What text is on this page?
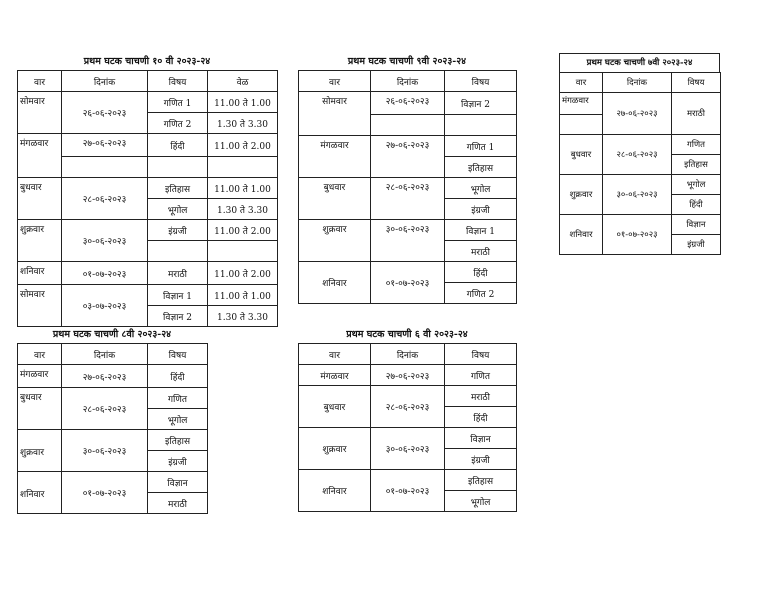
प्रथम घटक चाचणी १० वी २०२३-२४
वार	दिनांक	विषय	वेळ
सोमवार	२६-०६-२०२३	गणित 1	11.00 ते 1.00
		गणित 2	1.30 ते 3.30
मंगळवार	२७-०६-२०२३	हिंदी	11.00 ते 2.00

बुधवार	२८-०६-२०२३	इतिहास	11.00 ते 1.00
		भूगोल	1.30 ते 3.30
शुक्रवार	३०-०६-२०२३	इंग्रजी	11.00 ते 2.00

शनिवार	०१-०७-२०२३	मराठी	11.00 ते 2.00
सोमवार	०३-०७-२०२३	विज्ञान 1	11.00 ते 1.00
		विज्ञान 2	1.30 ते 3.30
प्रथम घटक चाचणी ९वी २०२३-२४
वार	दिनांक	विषय
सोमवार	२६-०६-२०२३	विज्ञान 2

मंगळवार	२७-०६-२०२३	गणित 1
		इतिहास
बुधवार	२८-०६-२०२३	भूगोल
		इंग्रजी
शुक्रवार	३०-०६-२०२३	विज्ञान 1
		मराठी
शनिवार	०१-०७-२०२३	हिंदी
		गणित 2
प्रथम घटक चाचणी ७वी २०२३-२४
वार	दिनांक	विषय
मंगळवार	२७-०६-२०२३	मराठी

बुधवार	२८-०६-२०२३	गणित
		इतिहास
शुक्रवार	३०-०६-२०२३	भूगोल
		हिंदी
शनिवार	०१-०७-२०२३	विज्ञान
		इंग्रजी
प्रथम घटक चाचणी ८वी २०२३-२४
वार	दिनांक	विषय
मंगळवार	२७-०६-२०२३	हिंदी

बुधवार	२८-०६-२०२३	गणित
		भूगोल
शुक्रवार	३०-०६-२०२३	इतिहास
		इंग्रजी
शनिवार	०१-०७-२०२३	विज्ञान
		मराठी
प्रथम घटक चाचणी ६ वी २०२३-२४
वार	दिनांक	विषय
मंगळवार	२७-०६-२०२३	गणित

बुधवार	२८-०६-२०२३	मराठी
		हिंदी
शुक्रवार	३०-०६-२०२३	विज्ञान
		इंग्रजी
शनिवार	०१-०७-२०२३	इतिहास
		भूगोल
